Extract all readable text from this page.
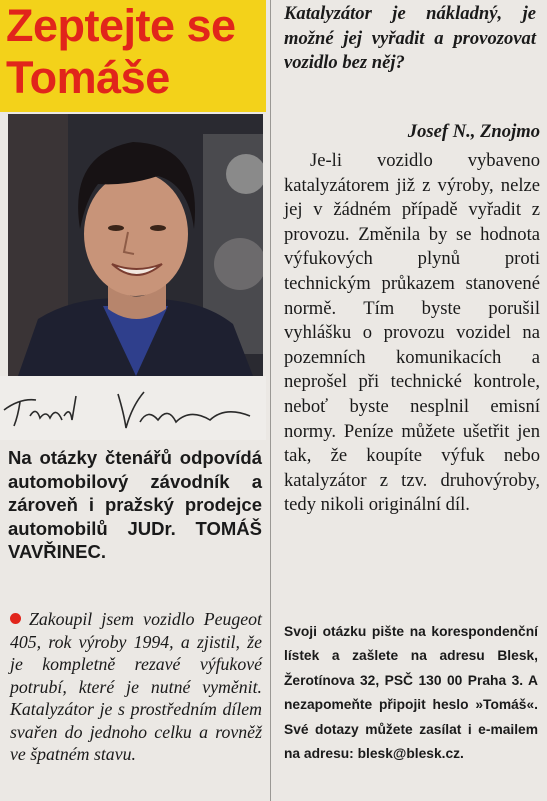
Zeptejte se
Tomáše
Na otázky čtenářů odpovídá automobilový závodník a zároveň i pražský prodejce automobilů JUDr. TOMÁŠ VAVŘINEC.
Zakoupil jsem vozidlo Peugeot 405, rok výroby 1994, a zjistil, že je kompletně rezavé výfukové potrubí, které je nutné vyměnit. Katalyzátor je s prostředním dílem svařen do jednoho celku a rovněž ve špatném stavu.
Katalyzátor je nákladný, je možné jej vyřadit a provozovat vozidlo bez něj?
Josef N., Znojmo

Je-li vozidlo vybaveno katalyzátorem již z výroby, nelze jej v žádném případě vyřadit z provozu. Změnila by se hodnota výfukových plynů proti technickým průkazem stanovené normě. Tím byste porušil vyhlášku o provozu vozidel na pozemních komunikacích a neprošel při technické kontrole, neboť byste nesplnil emisní normy. Peníze můžete ušetřit jen tak, že koupíte výfuk nebo katalyzátor z tzv. druhovýroby, tedy nikoli originální díl.

Svoji otázku pište na korespondenční lístek a zašlete na adresu Blesk, Žerotínova 32, PSČ 130 00 Praha 3. A nezapomeňte připojit heslo »Tomáš«. Své dotazy můžete zasílat i e-mailem na adresu: blesk@blesk.cz.
